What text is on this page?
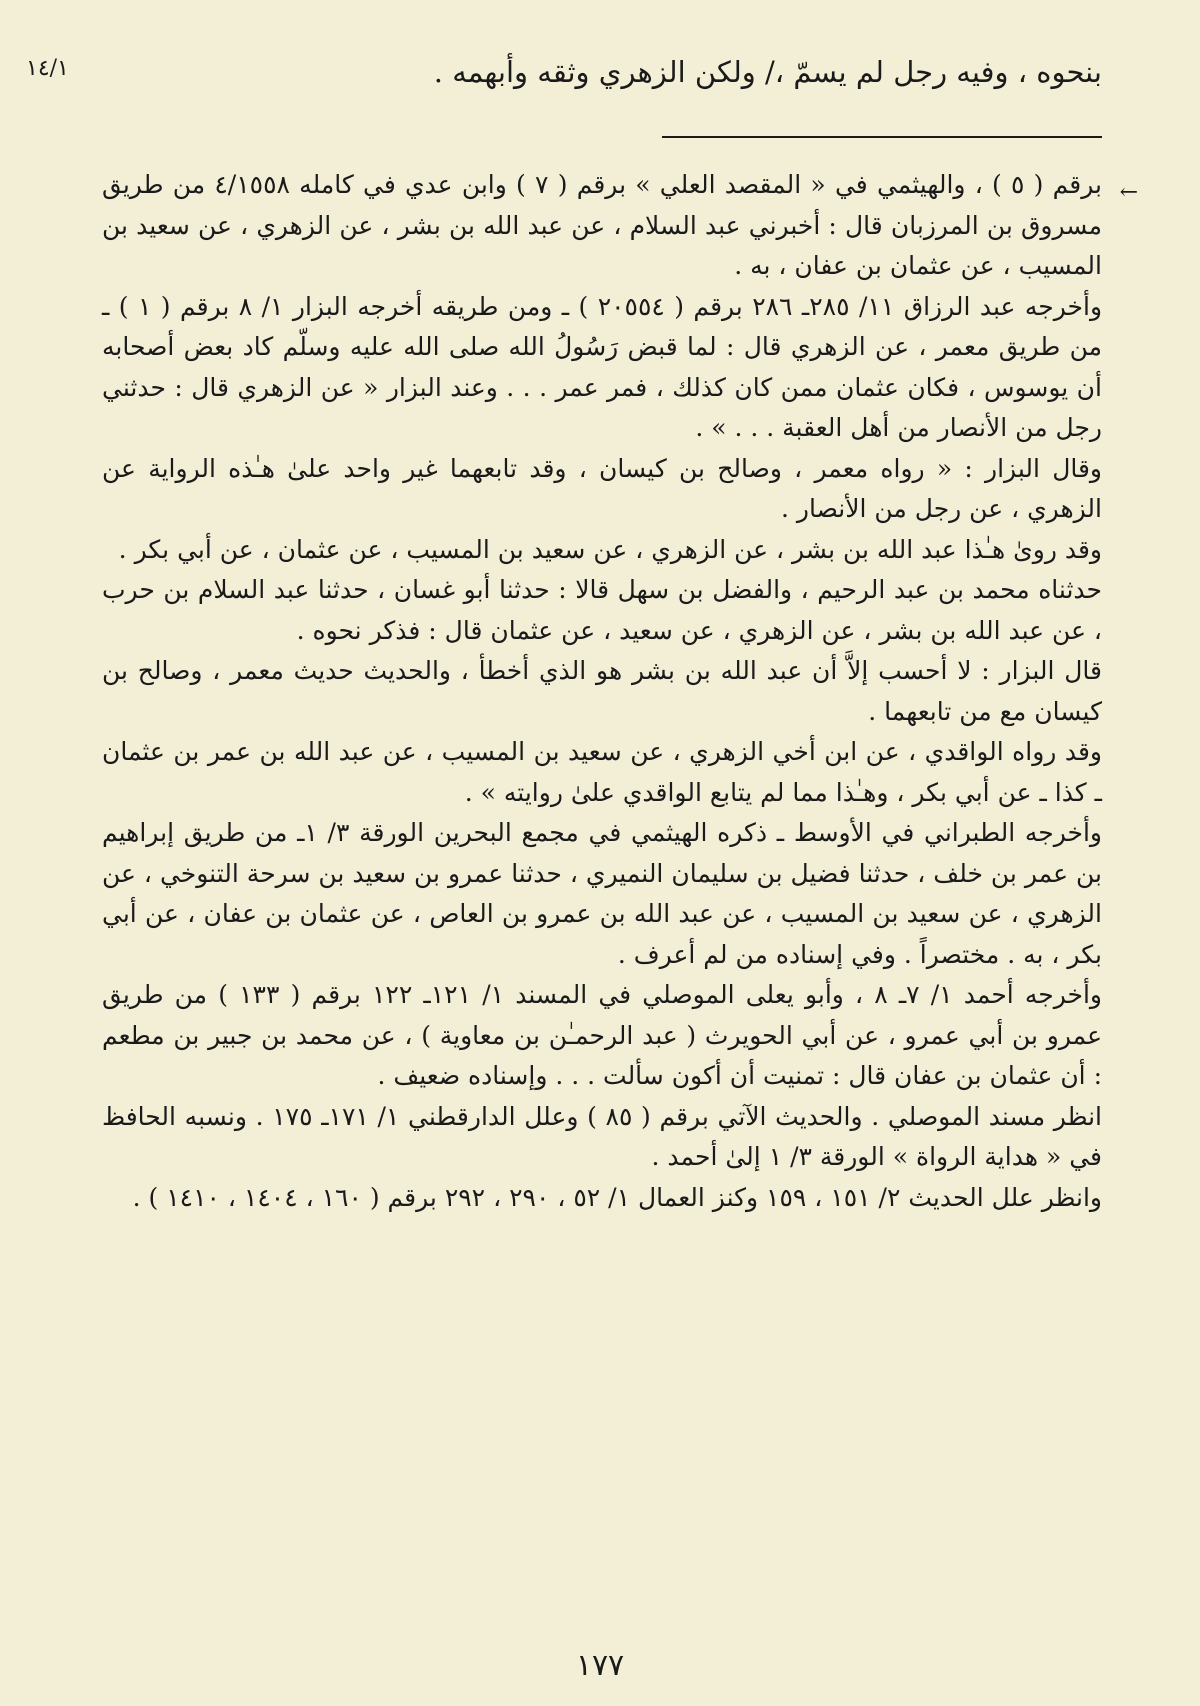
بنحوه ، وفيه رجل لم يسمّ ،/ ولكن الزهري وثقه وأبهمه .

١٤/١
←

برقم ( ٥ ) ، والهيثمي في « المقصد العلي » برقم ( ٧ ) وابن عدي في كامله ٤/١٥٥٨ من طريق مسروق بن المرزبان قال : أخبرني عبد السلام ، عن عبد الله بن بشر ، عن الزهري ، عن سعيد بن المسيب ، عن عثمان بن عفان ، به .

وأخرجه عبد الرزاق ١١/ ٢٨٥ـ ٢٨٦ برقم ( ٢٠٥٥٤ ) ـ ومن طريقه أخرجه البزار ١/ ٨ برقم ( ١ ) ـ من طريق معمر ، عن الزهري قال : لما قبض رَسُولُ الله صلى الله عليه وسلّم كاد بعض أصحابه أن يوسوس ، فكان عثمان ممن كان كذلك ، فمر عمر . . . وعند البزار « عن الزهري قال : حدثني رجل من الأنصار من أهل العقبة . . . » .

وقال البزار : « رواه معمر ، وصالح بن كيسان ، وقد تابعهما غير واحد علىٰ هـٰذه الرواية عن الزهري ، عن رجل من الأنصار .

وقد روىٰ هـٰذا عبد الله بن بشر ، عن الزهري ، عن سعيد بن المسيب ، عن عثمان ، عن أبي بكر .

حدثناه محمد بن عبد الرحيم ، والفضل بن سهل قالا : حدثنا أبو غسان ، حدثنا عبد السلام بن حرب ، عن عبد الله بن بشر ، عن الزهري ، عن سعيد ، عن عثمان قال : فذكر نحوه .

قال البزار : لا أحسب إلاَّ أن عبد الله بن بشر هو الذي أخطأ ، والحديث حديث معمر ، وصالح بن كيسان مع من تابعهما .

وقد رواه الواقدي ، عن ابن أخي الزهري ، عن سعيد بن المسيب ، عن عبد الله بن عمر بن عثمان ـ كذا ـ عن أبي بكر ، وهـٰذا مما لم يتابع الواقدي علىٰ روايته » .

وأخرجه الطبراني في الأوسط ـ ذكره الهيثمي في مجمع البحرين الورقة ٣/ ١ـ من طريق إبراهيم بن عمر بن خلف ، حدثنا فضيل بن سليمان النميري ، حدثنا عمرو بن سعيد بن سرحة التنوخي ، عن الزهري ، عن سعيد بن المسيب ، عن عبد الله بن عمرو بن العاص ، عن عثمان بن عفان ، عن أبي بكر ، به . مختصراً . وفي إسناده من لم أعرف .

وأخرجه أحمد ١/ ٧ـ ٨ ، وأبو يعلى الموصلي في المسند ١/ ١٢١ـ ١٢٢ برقم ( ١٣٣ ) من طريق عمرو بن أبي عمرو ، عن أبي الحويرث ( عبد الرحمـٰن بن معاوية ) ، عن محمد بن جبير بن مطعم : أن عثمان بن عفان قال : تمنيت أن أكون سألت . . . وإسناده ضعيف .

انظر مسند الموصلي . والحديث الآتي برقم ( ٨٥ ) وعلل الدارقطني ١/ ١٧١ـ ١٧٥ . ونسبه الحافظ في « هداية الرواة » الورقة ٣/ ١ إلىٰ أحمد .

وانظر علل الحديث ٢/ ١٥١ ، ١٥٩ وكنز العمال ١/ ٥٢ ، ٢٩٠ ، ٢٩٢ برقم ( ١٦٠ ، ١٤٠٤ ، ١٤١٠ ) .

١٧٧
